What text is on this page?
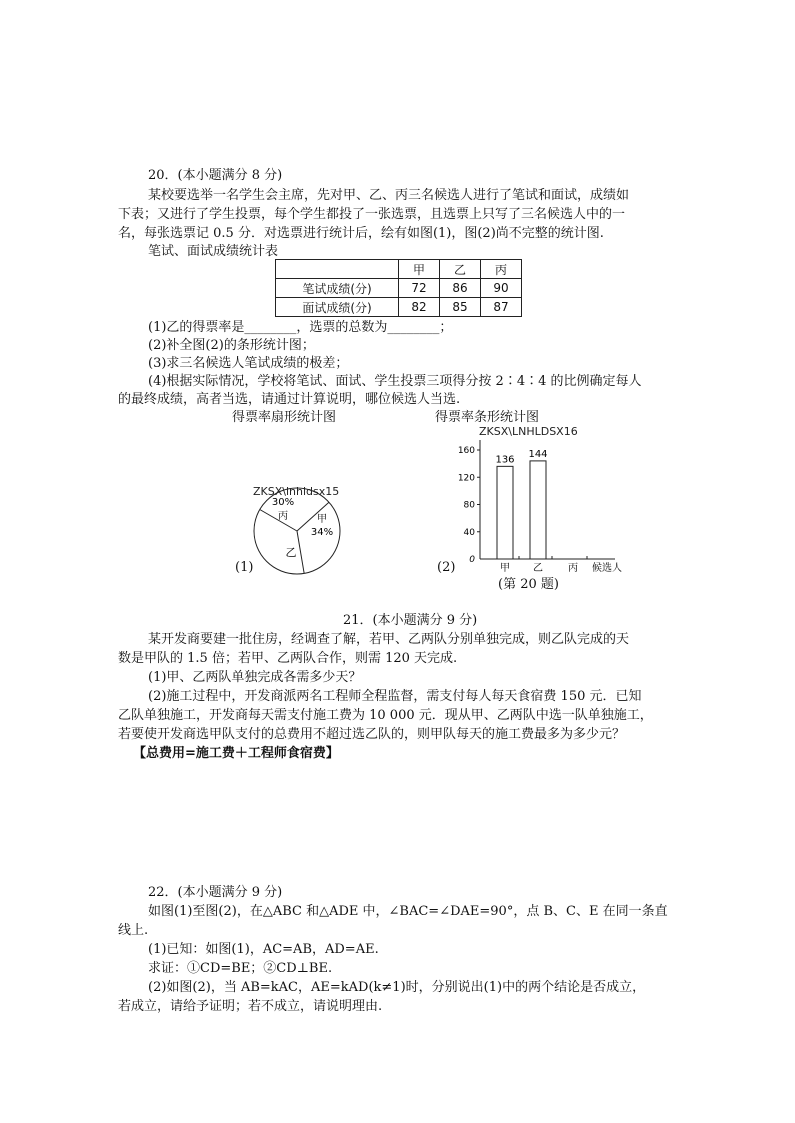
20．(本小题满分 8 分)
某校要选举一名学生会主席，先对甲、乙、丙三名候选人进行了笔试和面试，成绩如
下表；又进行了学生投票，每个学生都投了一张选票，且选票上只写了三名候选人中的一
名，每张选票记 0.5 分．对选票进行统计后，绘有如图(1)，图(2)尚不完整的统计图.
笔试、面试成绩统计表
	甲	乙	丙
笔试成绩(分)	72	86	90
面试成绩(分)	82	85	87
(1)乙的得票率是________，选票的总数为________；
(2)补全图(2)的条形统计图；
(3)求三名候选人笔试成绩的极差；
(4)根据实际情况，学校将笔试、面试、学生投票三项得分按 2∶4∶4 的比例确定每人
的最终成绩，高者当选，请通过计算说明，哪位候选人当选.
得票率扇形统计图	得票率条形统计图
ZKSX\lnhldsx15
丙
30%
甲
34%
乙
(1)
ZKSX\LNHLDSX16
0
40
80
120
160
甲 乙	丙 候选人
136 144
(2)
(第 20 题)
21．(本小题满分 9 分)
某开发商要建一批住房，经调查了解，若甲、乙两队分别单独完成，则乙队完成的天
数是甲队的 1.5 倍；若甲、乙两队合作，则需 120 天完成.
(1)甲、乙两队单独完成各需多少天？
(2)施工过程中，开发商派两名工程师全程监督，需支付每人每天食宿费 150 元．已知
乙队单独施工，开发商每天需支付施工费为 10 000 元．现从甲、乙两队中选一队单独施工，
若要使开发商选甲队支付的总费用不超过选乙队的，则甲队每天的施工费最多为多少元？
【总费用=施工费＋工程师食宿费】
22．(本小题满分 9 分)
如图(1)至图(2)，在△ABC 和△ADE 中，∠BAC=∠DAE=90°，点 B、C、E 在同一条直
线上.
(1)已知：如图(1)，AC=AB，AD=AE.
求证：①CD=BE；②CD⊥BE.
(2)如图(2)，当 AB=kAC，AE=kAD(k≠1)时，分别说出(1)中的两个结论是否成立，
若成立，请给予证明；若不成立，请说明理由.
